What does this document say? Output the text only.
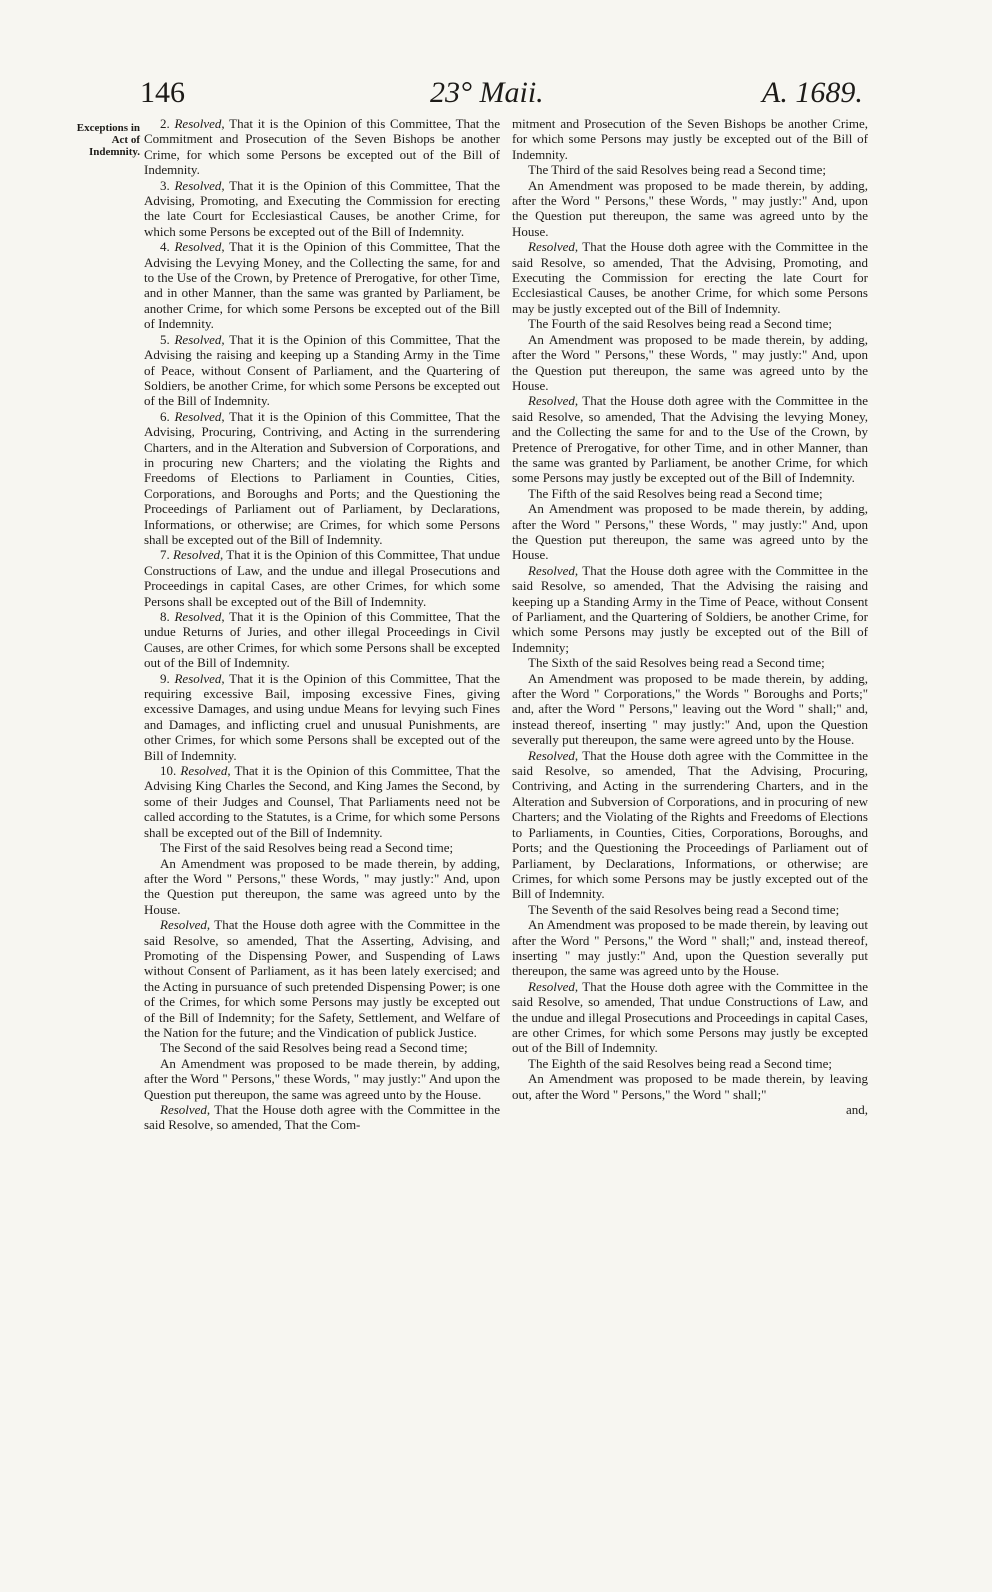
146	23° Maii.	A. 1689.
Exceptions in Act of Indemnity.

2. Resolved, That it is the Opinion of this Committee, That the Commitment and Prosecution of the Seven Bishops be another Crime, for which some Persons be excepted out of the Bill of Indemnity.

3. Resolved, That it is the Opinion of this Committee, That the Advising, Promoting, and Executing the Commission for erecting the late Court for Ecclesiastical Causes, be another Crime, for which some Persons be excepted out of the Bill of Indemnity.

4. Resolved, That it is the Opinion of this Committee, That the Advising the Levying Money, and the Collecting the same, for and to the Use of the Crown, by Pretence of Prerogative, for other Time, and in other Manner, than the same was granted by Parliament, be another Crime, for which some Persons be excepted out of the Bill of Indemnity.

5. Resolved, That it is the Opinion of this Committee, That the Advising the raising and keeping up a Standing Army in the Time of Peace, without Consent of Parliament, and the Quartering of Soldiers, be another Crime, for which some Persons be excepted out of the Bill of Indemnity.

6. Resolved, That it is the Opinion of this Committee, That the Advising, Procuring, Contriving, and Acting in the surrendering Charters, and in the Alteration and Subversion of Corporations, and in procuring new Charters; and the violating the Rights and Freedoms of Elections to Parliament in Counties, Cities, Corporations, and Boroughs and Ports; and the Questioning the Proceedings of Parliament out of Parliament, by Declarations, Informations, or otherwise; are Crimes, for which some Persons shall be excepted out of the Bill of Indemnity.

7. Resolved, That it is the Opinion of this Committee, That undue Constructions of Law, and the undue and illegal Prosecutions and Proceedings in capital Cases, are other Crimes, for which some Persons shall be excepted out of the Bill of Indemnity.

8. Resolved, That it is the Opinion of this Committee, That the undue Returns of Juries, and other illegal Proceedings in Civil Causes, are other Crimes, for which some Persons shall be excepted out of the Bill of Indemnity.

9. Resolved, That it is the Opinion of this Committee, That the requiring excessive Bail, imposing excessive Fines, giving excessive Damages, and using undue Means for levying such Fines and Damages, and inflicting cruel and unusual Punishments, are other Crimes, for which some Persons shall be excepted out of the Bill of Indemnity.

10. Resolved, That it is the Opinion of this Committee, That the Advising King Charles the Second, and King James the Second, by some of their Judges and Counsel, That Parliaments need not be called according to the Statutes, is a Crime, for which some Persons shall be excepted out of the Bill of Indemnity.

The First of the said Resolves being read a Second time;

An Amendment was proposed to be made therein, by adding, after the Word " Persons," these Words, " may justly:" And, upon the Question put thereupon, the same was agreed unto by the House.

Resolved, That the House doth agree with the Committee in the said Resolve, so amended, That the Asserting, Advising, and Promoting of the Dispensing Power, and Suspending of Laws without Consent of Parliament, as it has been lately exercised; and the Acting in pursuance of such pretended Dispensing Power; is one of the Crimes, for which some Persons may justly be excepted out of the Bill of Indemnity; for the Safety, Settlement, and Welfare of the Nation for the future; and the Vindication of publick Justice.

The Second of the said Resolves being read a Second time;

An Amendment was proposed to be made therein, by adding, after the Word " Persons," these Words, " may justly:" And upon the Question put thereupon, the same was agreed unto by the House.

Resolved, That the House doth agree with the Committee in the said Resolve, so amended, That the Com-

mitment and Prosecution of the Seven Bishops be another Crime, for which some Persons may justly be excepted out of the Bill of Indemnity.

The Third of the said Resolves being read a Second time;

An Amendment was proposed to be made therein, by adding, after the Word " Persons," these Words, " may justly:" And, upon the Question put thereupon, the same was agreed unto by the House.

Resolved, That the House doth agree with the Committee in the said Resolve, so amended, That the Advising, Promoting, and Executing the Commission for erecting the late Court for Ecclesiastical Causes, be another Crime, for which some Persons may be justly excepted out of the Bill of Indemnity.

The Fourth of the said Resolves being read a Second time;

An Amendment was proposed to be made therein, by adding, after the Word " Persons," these Words, " may justly:" And, upon the Question put thereupon, the same was agreed unto by the House.

Resolved, That the House doth agree with the Committee in the said Resolve, so amended, That the Advising the levying Money, and the Collecting the same for and to the Use of the Crown, by Pretence of Prerogative, for other Time, and in other Manner, than the same was granted by Parliament, be another Crime, for which some Persons may justly be excepted out of the Bill of Indemnity.

The Fifth of the said Resolves being read a Second time;

An Amendment was proposed to be made therein, by adding, after the Word " Persons," these Words, " may justly:" And, upon the Question put thereupon, the same was agreed unto by the House.

Resolved, That the House doth agree with the Committee in the said Resolve, so amended, That the Advising the raising and keeping up a Standing Army in the Time of Peace, without Consent of Parliament, and the Quartering of Soldiers, be another Crime, for which some Persons may justly be excepted out of the Bill of Indemnity;

The Sixth of the said Resolves being read a Second time;

An Amendment was proposed to be made therein, by adding, after the Word " Corporations," the Words " Boroughs and Ports;" and, after the Word " Persons," leaving out the Word " shall;" and, instead thereof, inserting " may justly:" And, upon the Question severally put thereupon, the same were agreed unto by the House.

Resolved, That the House doth agree with the Committee in the said Resolve, so amended, That the Advising, Procuring, Contriving, and Acting in the surrendering Charters, and in the Alteration and Subversion of Corporations, and in procuring of new Charters; and the Violating of the Rights and Freedoms of Elections to Parliaments, in Counties, Cities, Corporations, Boroughs, and Ports; and the Questioning the Proceedings of Parliament out of Parliament, by Declarations, Informations, or otherwise; are Crimes, for which some Persons may be justly excepted out of the Bill of Indemnity.

The Seventh of the said Resolves being read a Second time;

An Amendment was proposed to be made therein, by leaving out after the Word " Persons," the Word " shall;" and, instead thereof, inserting " may justly:" And, upon the Question severally put thereupon, the same was agreed unto by the House.

Resolved, That the House doth agree with the Committee in the said Resolve, so amended, That undue Constructions of Law, and the undue and illegal Prosecutions and Proceedings in capital Cases, are other Crimes, for which some Persons may justly be excepted out of the Bill of Indemnity.

The Eighth of the said Resolves being read a Second time;

An Amendment was proposed to be made therein, by leaving out, after the Word " Persons," the Word " shall;"

and,
